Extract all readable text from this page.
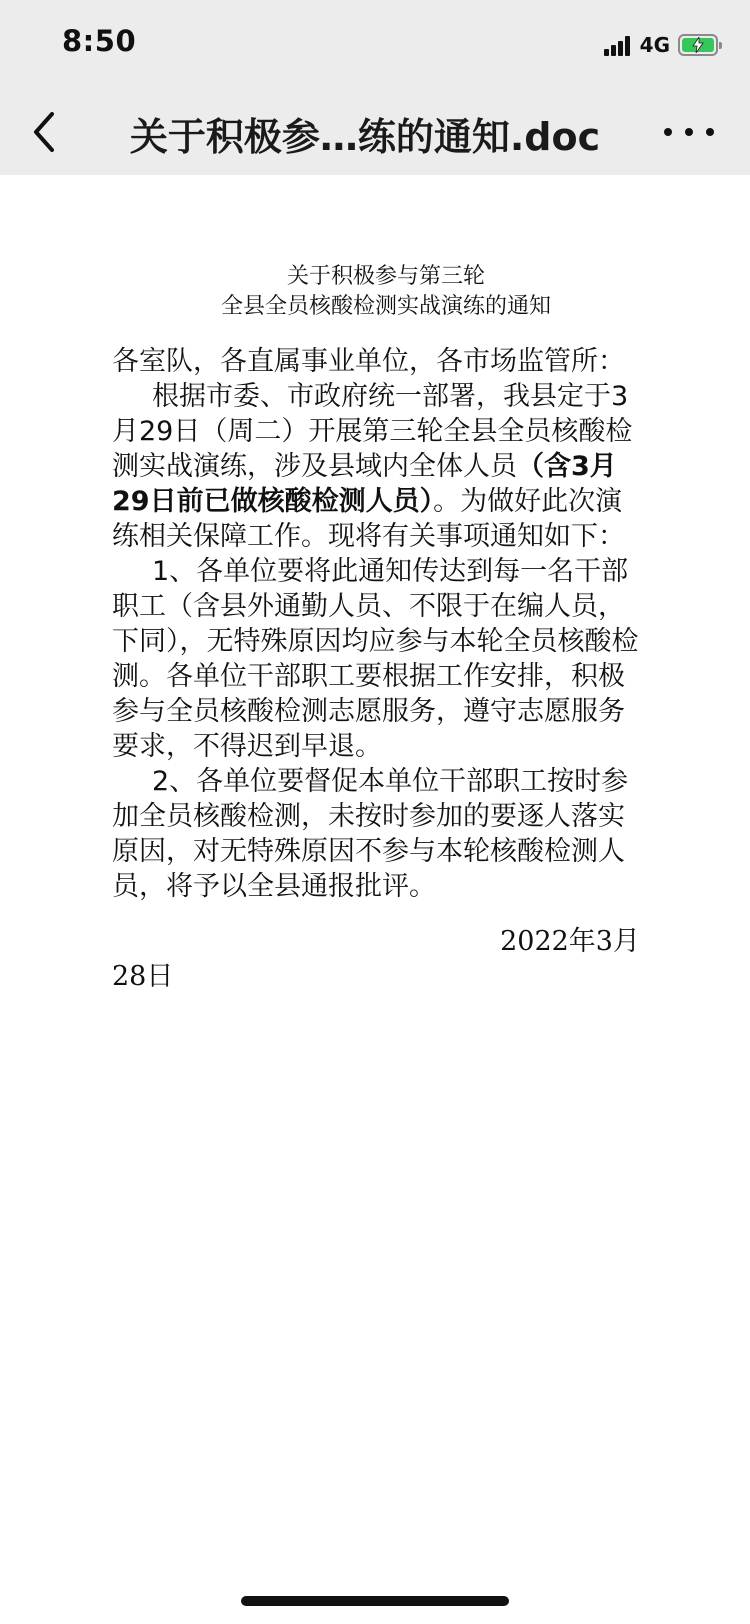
8:50	4G
关于积极参…练的通知.doc
关于积极参与第三轮
全县全员核酸检测实战演练的通知

各室队，各直属事业单位，各市场监管所：

根据市委、市政府统一部署，我县定于3月29日（周二）开展第三轮全县全员核酸检测实战演练，涉及县域内全体人员（含3月29日前已做核酸检测人员）。为做好此次演练相关保障工作。现将有关事项通知如下：

1、各单位要将此通知传达到每一名干部职工（含县外通勤人员、不限于在编人员，下同），无特殊原因均应参与本轮全员核酸检测。各单位干部职工要根据工作安排，积极参与全员核酸检测志愿服务，遵守志愿服务要求，不得迟到早退。

2、各单位要督促本单位干部职工按时参加全员核酸检测，未按时参加的要逐人落实原因，对无特殊原因不参与本轮核酸检测人员，将予以全县通报批评。

2022年3月

28日
